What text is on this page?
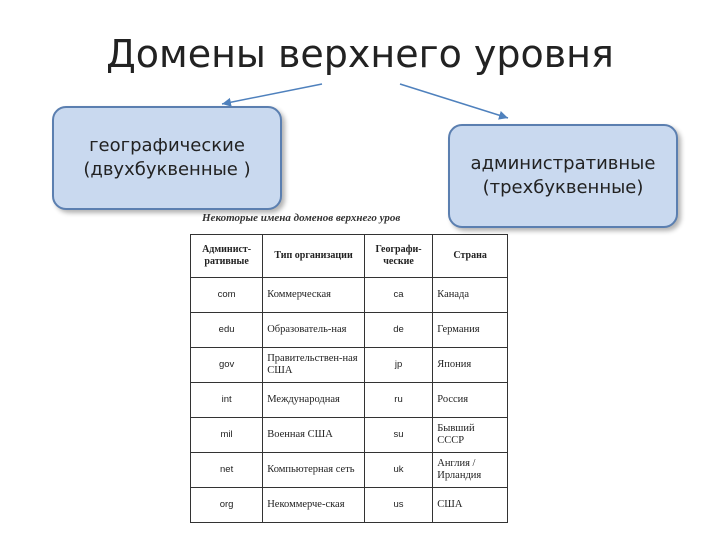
Домены верхнего уровня
географические
(двухбуквенные )	административные
(трехбуквенные)
Некоторые имена доменов верхнего уров
Админист-ративные	Тип организации	Географи-ческие	Страна
com	Коммерческая	ca	Канада
edu	Образователь-ная	de	Германия
gov	Правительствен-ная США	jp	Япония
int	Международная	ru	Россия
mil	Военная США	su	Бывший СССР
net	Компьютерная сеть	uk	Англия / Ирландия
org	Некоммерче-ская	us	США
